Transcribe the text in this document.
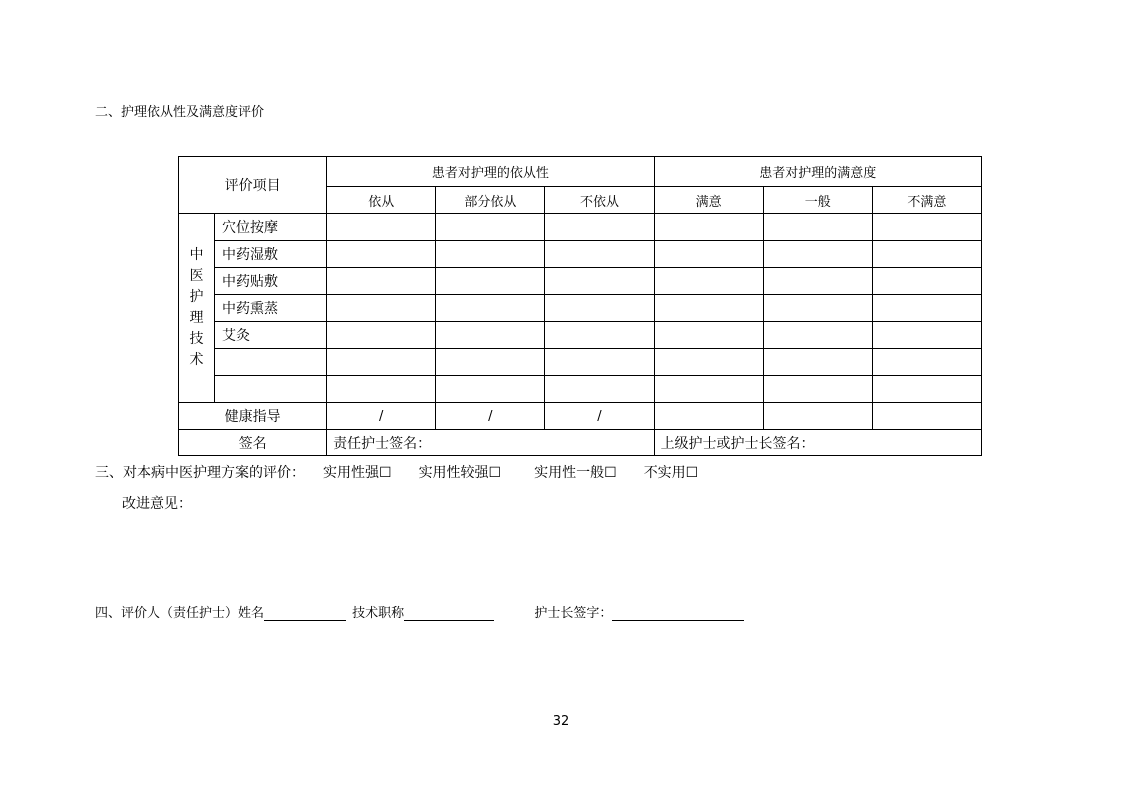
二、护理依从性及满意度评价
评价项目		患者对护理的依从性			患者对护理的满意度		
		依从	部分依从	不依从	满意	一般	不满意
中医护理技术	穴位按摩						
	中药湿敷						
	中药贴敷						
	中药熏蒸						
	艾灸						

健康指导		/	/	/			
签名		责任护士签名：			上级护士或护士长签名：		
三、对本病中医护理方案的评价： 实用性强☐ 实用性较强☐ 实用性一般☐ 不实用☐
改进意见：
四、评价人（责任护士）姓名	技术职称	护士长签字：
32
